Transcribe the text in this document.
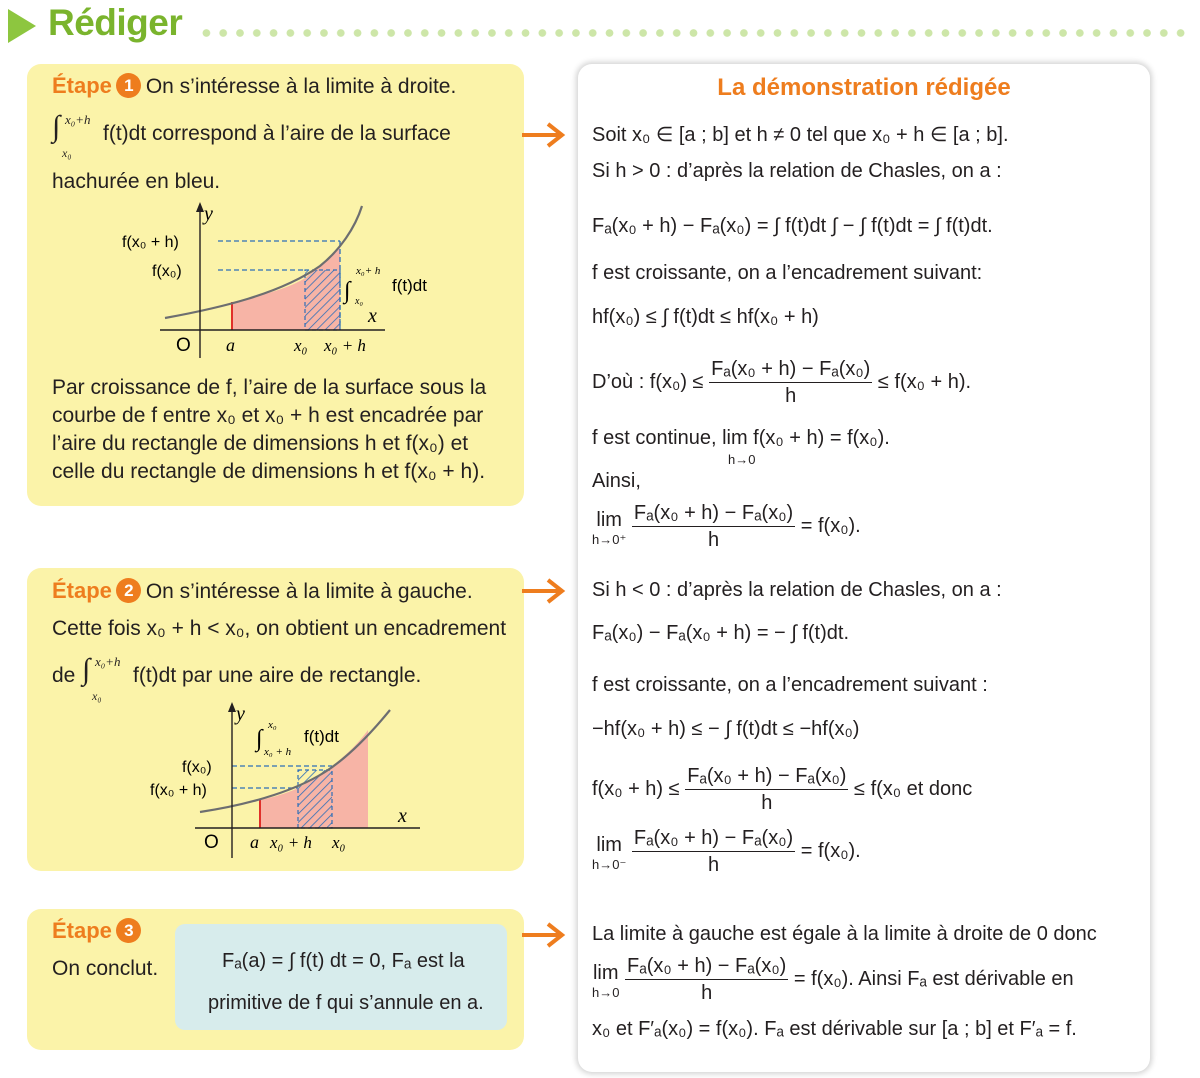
Rédiger
Étape 1 On s’intéresse à la limite à droite.
∫ x₀+h
x₀
f(t)dt correspond à l’aire de la surface
hachurée en bleu.
y
x
O a	x₀ x₀ + h
f(x₀ + h)
f(x₀)
∫
x₀+ h
x₀
f(t)dt
Par croissance de f, l’aire de la surface sous la
courbe de f entre x₀ et x₀ + h est encadrée par
l’aire du rectangle de dimensions h et f(x₀) et
celle du rectangle de dimensions h et f(x₀ + h).
Étape 2 On s’intéresse à la limite à gauche.
Cette fois x₀ + h < x₀, on obtient un encadrement
de ∫ x₀+h
x₀
f(t)dt par une aire de rectangle.
y
x
O a x₀ + h x₀
f(x₀)
f(x₀ + h)
∫
x₀
x₀ + h
f(t)dt
Étape 3
On conclut.	Fₐ(a) = ∫ f(t) dt = 0, Fₐ est la
primitive de f qui s’annule en a.
La démonstration rédigée
Soit x₀ ∈ [a ; b] et h ≠ 0 tel que x₀ + h ∈ [a ; b].
Si h > 0 : d’après la relation de Chasles, on a :
Fₐ(x₀ + h) − Fₐ(x₀) = ∫ f(t)dt ∫ − ∫ f(t)dt = ∫ f(t)dt.
f est croissante, on a l’encadrement suivant:
hf(x₀) ≤ ∫ f(t)dt ≤ hf(x₀ + h)
D’où : $f(x_0) \le \frac{\text{Fₐ(x₀ + h) − Fₐ(x₀)}}{h} \le f(x_0 + h)$.
f est continue, lim f(x₀ + h) = f(x₀).
h→0
Ainsi,
lim
h→0⁺
$\frac{\text{Fₐ(x₀ + h) − Fₐ(x₀)}}{h} = f(x_0)$.
Si h < 0 : d’après la relation de Chasles, on a :
Fₐ(x₀) − Fₐ(x₀ + h) = − ∫ f(t)dt.
f est croissante, on a l’encadrement suivant :
−hf(x₀ + h) ≤ − ∫ f(t)dt ≤ −hf(x₀)
$f(x_0 + h) \le \frac{\text{Fₐ(x₀ + h) − Fₐ(x₀)}}{h} \le f(x_0$ et donc
lim
h→0⁻
$\frac{\text{Fₐ(x₀ + h) − Fₐ(x₀)}}{h} = f(x_0)$.
La limite à gauche est égale à la limite à droite de 0 donc
lim
h→0
$\frac{\text{Fₐ(x₀ + h) − Fₐ(x₀)}}{h} = f(x_0)$. Ainsi Fₐ est dérivable en
x₀ et F′ₐ(x₀) = f(x₀). Fₐ est dérivable sur [a ; b] et F′ₐ = f.
